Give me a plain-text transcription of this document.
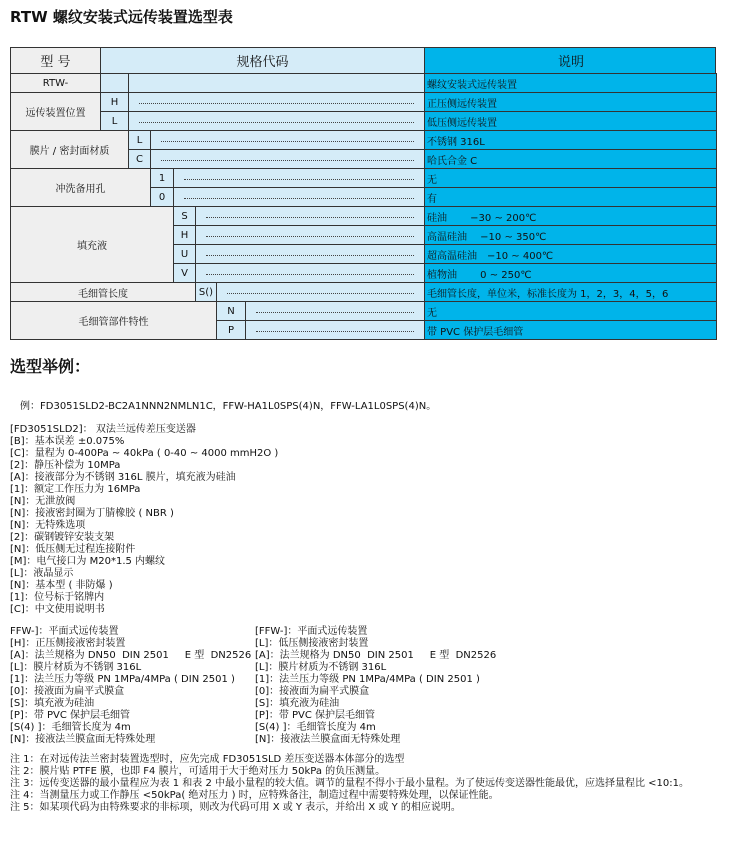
RTW 螺纹安装式远传装置选型表
型 号	规格代码	说明
RTW-	螺纹安装式远传装置
远传装置位置
H	正压侧远传装置
L	低压侧远传装置
膜片 / 密封面材质
L	不锈钢 316L
C	哈氏合金 C
冲洗备用孔
1	无
0	有
填充液
S	硅油　　 −30 ~ 200℃
H	高温硅油　 −10 ~ 350℃
U	超高温硅油　−10 ~ 400℃
V	植物油　　 0 ~ 250℃
毛细管长度	S()	毛细管长度，单位米，标准长度为 1，2，3，4，5，6
毛细管部件特性
N	无
P	带 PVC 保护层毛细管
选型举例：
例：FD3051SLD2-BC2A1NNN2NMLN1C，FFW-HA1L0SPS(4)N，FFW-LA1L0SPS(4)N。
[FD3051SLD2]： 双法兰远传差压变送器
[B]：基本误差 ±0.075%
[C]：量程为 0-400Pa ~ 40kPa ( 0-40 ~ 4000 mmH2O )
[2]：静压补偿为 10MPa
[A]：接液部分为不锈钢 316L 膜片，填充液为硅油
[1]：额定工作压力为 16MPa
[N]：无泄放阀
[N]：接液密封圈为丁腈橡胶 ( NBR )
[N]：无特殊选项
[2]：碳钢镀锌安装支架
[N]：低压侧无过程连接附件
[M]：电气接口为 M20*1.5 内螺纹
[L]：液晶显示
[N]：基本型 ( 非防爆 )
[1]：位号标于铭牌内
[C]：中文使用说明书
FFW-]：平面式远传装置
[H]：正压侧接液密封装置
[A]：法兰规格为 DN50  DIN 2501     E 型  DN2526
[L]：膜片材质为不锈钢 316L
[1]：法兰压力等级 PN 1MPa/4MPa ( DIN 2501 )
[0]：接液面为扁平式膜盒
[S]：填充液为硅油
[P]：带 PVC 保护层毛细管
[S(4) ]：毛细管长度为 4m
[N]：接液法兰膜盒面无特殊处理
[FFW-]：平面式远传装置
[L]：低压侧接液密封装置
[A]：法兰规格为 DN50  DIN 2501     E 型  DN2526
[L]：膜片材质为不锈钢 316L
[1]：法兰压力等级 PN 1MPa/4MPa ( DIN 2501 )
[0]：接液面为扁平式膜盒
[S]：填充液为硅油
[P]：带 PVC 保护层毛细管
[S(4) ]：毛细管长度为 4m
[N]：接液法兰膜盒面无特殊处理
注 1：在对远传法兰密封装置选型时，应先完成 FD3051SLD 差压变送器本体部分的选型
注 2：膜片贴 PTFE 膜，也即 F4 膜片，可适用于大于绝对压力 50kPa 的负压测量。
注 3：远传变送器的最小量程应为表 1 和表 2 中最小量程的较大值。调节的量程不得小于最小量程。为了使远传变送器性能最优，应选择量程比 <10:1。
注 4：当测量压力或工作静压 <50kPa( 绝对压力 ) 时，应特殊备注，制造过程中需要特殊处理，以保证性能。
注 5：如某项代码为由特殊要求的非标项，则改为代码可用 X 或 Y 表示，并给出 X 或 Y 的相应说明。
